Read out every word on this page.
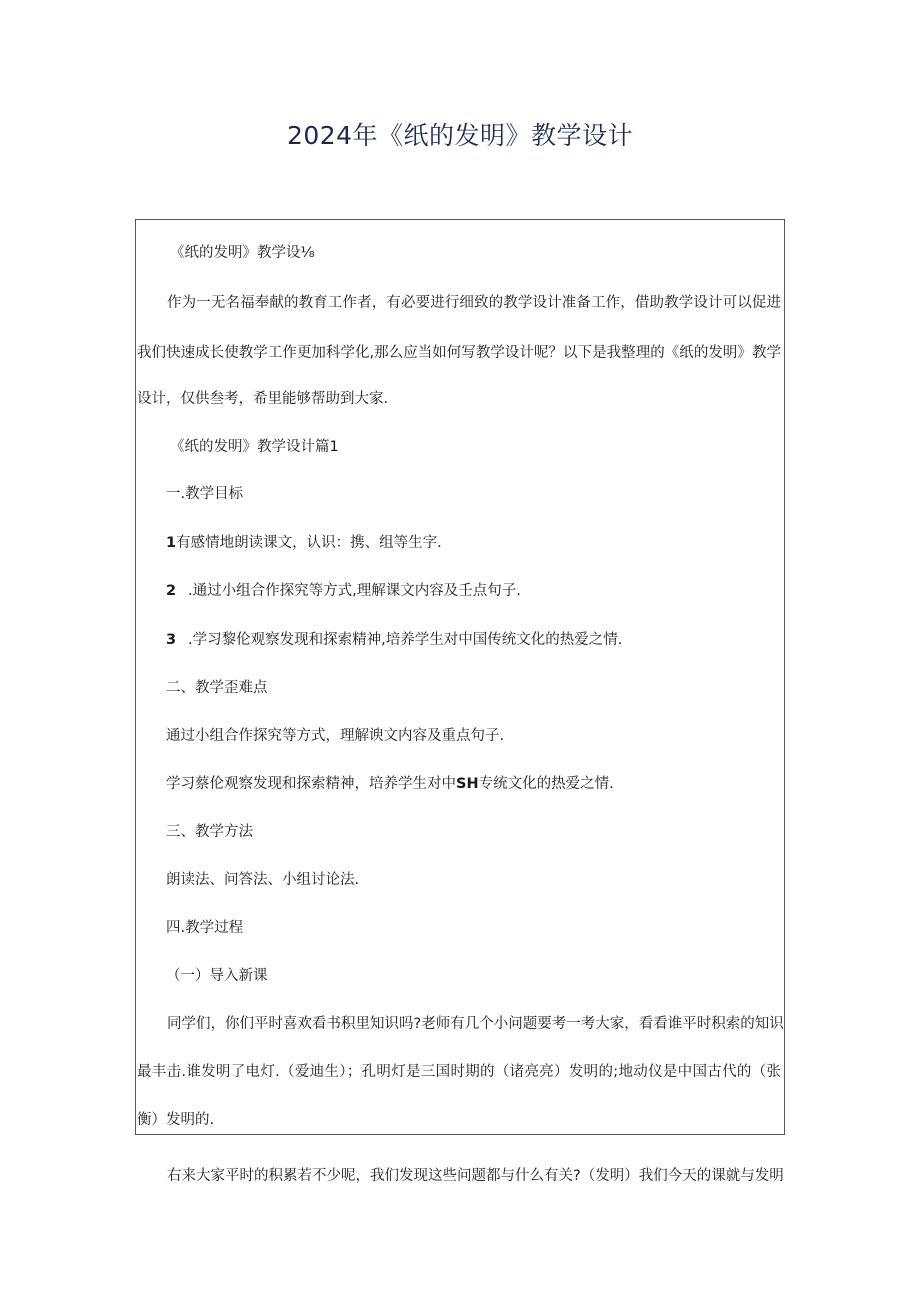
2024年《纸的发明》教学设计
《纸的发明》教学设⅛
作为一无名福奉献的教育工作者，有必要进行细致的教学设计准备工作，借助教学设计可以促进
我们快速成长使教学工作更加科学化,那么应当如何写教学设计呢？以下是我整理的《纸的发明》教学
设计，仅供叁考，希里能够帮助到大家.
《纸的发明》教学设计篇1
一.教学目标
1有感情地朗读课文，认识：携、组等生字.
2 .通过小组合作探究等方式,理解课文内容及壬点句子.
3 .学习黎伦观察发现和探索精神,培养学生对中国传统文化的热爱之情.
二、教学歪难点
通过小组合作探究等方式，理解谀文内容及重点句子.
学习蔡伦观察发现和探索精神，培养学生对中SH专统文化的热爱之情.
三、教学方法
朗读法、问答法、小组讨论法.
四.教学过程
（一）导入新课
同学们，你们平时喜欢看书积里知识吗?老师有几个小问题要考一考大家，看看谁平时积索的知识
最丰击.谁发明了电灯.（爱迪生）；孔明灯是三国时期的（诸亮亮）发明的;地动仪是中国古代的（张
衡）发明的.
右来大家平时的积累若不少呢，我们发现这些问题都与什么有关?（发明）我们今天的课就与发明
